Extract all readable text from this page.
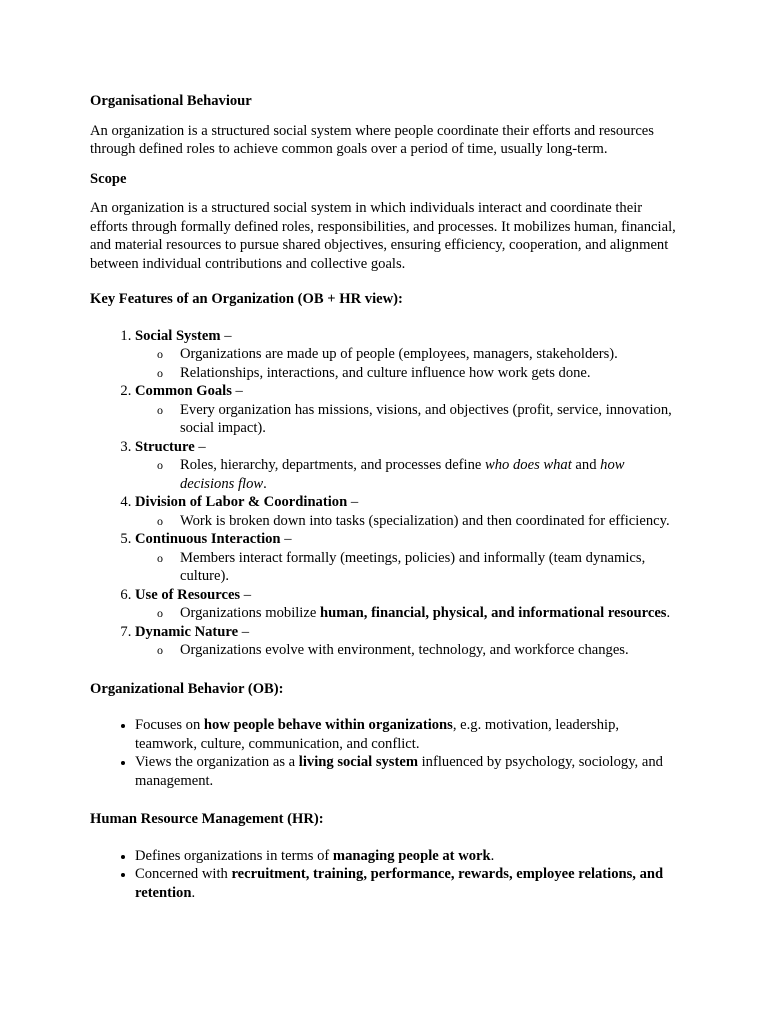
Organisational Behaviour

An organization is a structured social system where people coordinate their efforts and resources through defined roles to achieve common goals over a period of time, usually long-term.

Scope

An organization is a structured social system in which individuals interact and coordinate their efforts through formally defined roles, responsibilities, and processes. It mobilizes human, financial, and material resources to pursue shared objectives, ensuring efficiency, cooperation, and alignment between individual contributions and collective goals.

Key Features of an Organization (OB + HR view):

1. Social System –
o Organizations are made up of people (employees, managers, stakeholders).
o Relationships, interactions, and culture influence how work gets done.
2. Common Goals –
o Every organization has missions, visions, and objectives (profit, service, innovation, social impact).
3. Structure –
o Roles, hierarchy, departments, and processes define who does what and how decisions flow.
4. Division of Labor & Coordination –
o Work is broken down into tasks (specialization) and then coordinated for efficiency.
5. Continuous Interaction –
o Members interact formally (meetings, policies) and informally (team dynamics, culture).
6. Use of Resources –
o Organizations mobilize human, financial, physical, and informational resources.
7. Dynamic Nature –
o Organizations evolve with environment, technology, and workforce changes.

Organizational Behavior (OB):

• Focuses on how people behave within organizations, e.g. motivation, leadership, teamwork, culture, communication, and conflict.
• Views the organization as a living social system influenced by psychology, sociology, and management.

Human Resource Management (HR):

• Defines organizations in terms of managing people at work.
• Concerned with recruitment, training, performance, rewards, employee relations, and retention.
